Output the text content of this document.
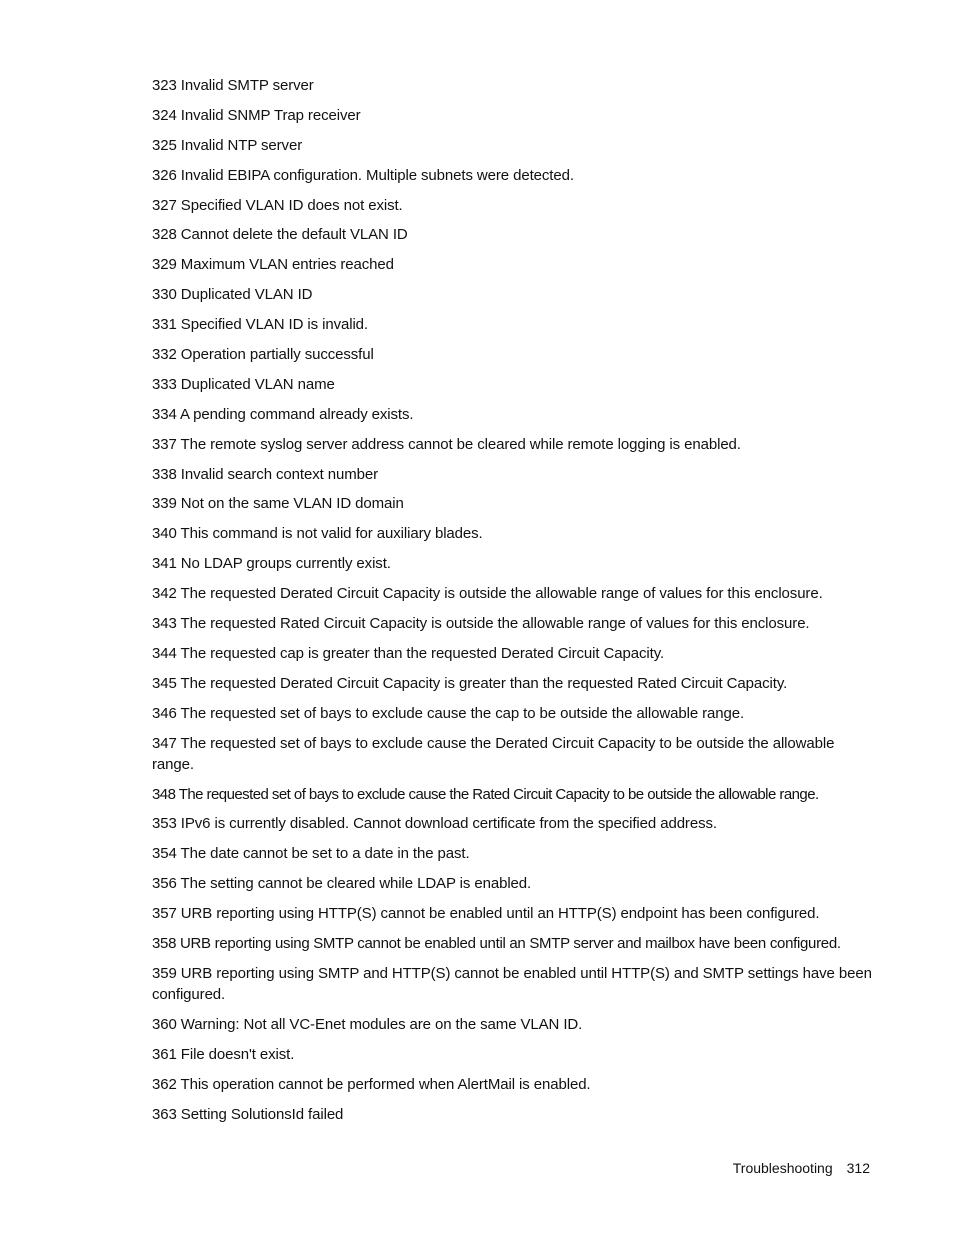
323 Invalid SMTP server

324 Invalid SNMP Trap receiver

325 Invalid NTP server

326 Invalid EBIPA configuration. Multiple subnets were detected.

327 Specified VLAN ID does not exist.

328 Cannot delete the default VLAN ID

329 Maximum VLAN entries reached

330 Duplicated VLAN ID

331 Specified VLAN ID is invalid.

332 Operation partially successful

333 Duplicated VLAN name

334 A pending command already exists.

337 The remote syslog server address cannot be cleared while remote logging is enabled.

338 Invalid search context number

339 Not on the same VLAN ID domain

340 This command is not valid for auxiliary blades.

341 No LDAP groups currently exist.

342 The requested Derated Circuit Capacity is outside the allowable range of values for this enclosure.

343 The requested Rated Circuit Capacity is outside the allowable range of values for this enclosure.

344 The requested cap is greater than the requested Derated Circuit Capacity.

345 The requested Derated Circuit Capacity is greater than the requested Rated Circuit Capacity.

346 The requested set of bays to exclude cause the cap to be outside the allowable range.

347 The requested set of bays to exclude cause the Derated Circuit Capacity to be outside the allowable range.

348 The requested set of bays to exclude cause the Rated Circuit Capacity to be outside the allowable range.

353 IPv6 is currently disabled. Cannot download certificate from the specified address.

354 The date cannot be set to a date in the past.

356 The setting cannot be cleared while LDAP is enabled.

357 URB reporting using HTTP(S) cannot be enabled until an HTTP(S) endpoint has been configured.

358 URB reporting using SMTP cannot be enabled until an SMTP server and mailbox have been configured.

359 URB reporting using SMTP and HTTP(S) cannot be enabled until HTTP(S) and SMTP settings have been configured.

360 Warning: Not all VC-Enet modules are on the same VLAN ID.

361 File doesn't exist.

362 This operation cannot be performed when AlertMail is enabled.

363 Setting SolutionsId failed

Troubleshooting 312
